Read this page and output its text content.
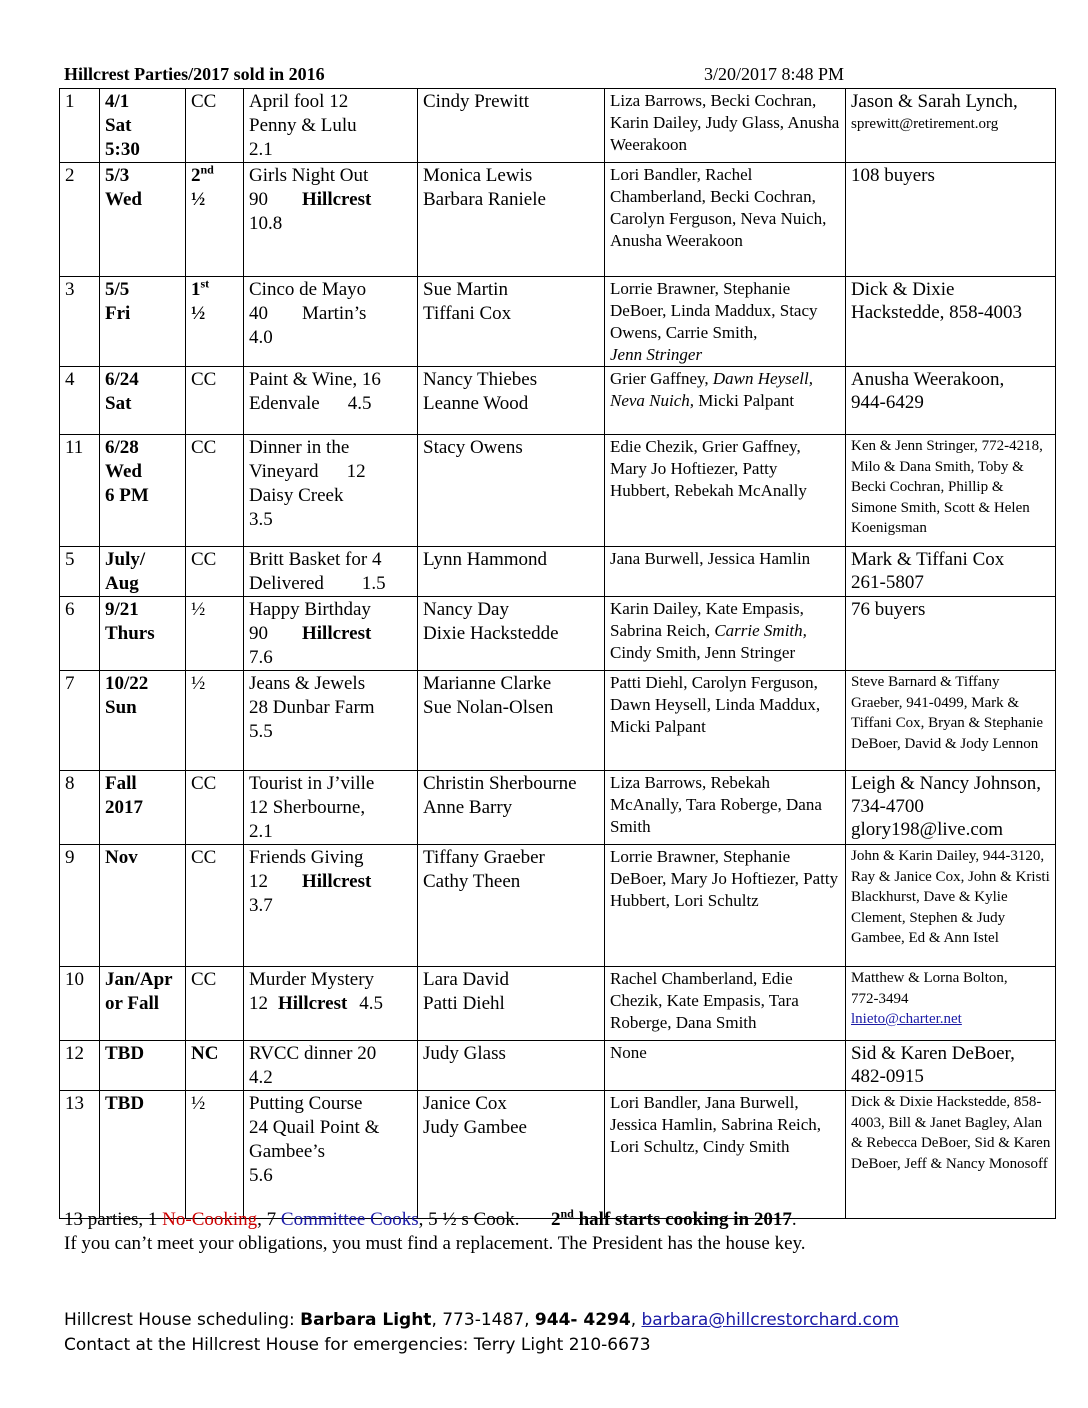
Hillcrest Parties/2017 sold in 2016	3/20/2017 8:48 PM
1	4/1
Sat
5:30	CC	April fool 12
Penny & Lulu
2.1	Cindy Prewitt	Liza Barrows, Becki Cochran, Karin Dailey, Judy Glass, Anusha Weerakoon	Jason & Sarah Lynch,
sprewitt@retirement.org

2	5/3
Wed	2nd
½	Girls Night Out
90 Hillcrest
10.8	Monica Lewis
Barbara Raniele	Lori Bandler, Rachel Chamberland, Becki Cochran, Carolyn Ferguson, Neva Nuich, Anusha Weerakoon	108 buyers

3	5/5
Fri	1st
½	Cinco de Mayo
40 Martin’s
4.0	Sue Martin
Tiffani Cox	Lorrie Brawner, Stephanie DeBoer, Linda Maddux, Stacy Owens, Carrie Smith,
Jenn Stringer	Dick & Dixie
Hackstedde, 858-4003

4	6/24
Sat	CC	Paint & Wine, 16
Edenvale 4.5	Nancy Thiebes
Leanne Wood	Grier Gaffney, Dawn Heysell, Neva Nuich, Micki Palpant	Anusha Weerakoon,
944-6429

11	6/28
Wed
6 PM	CC	Dinner in the
Vineyard 12
Daisy Creek
3.5	Stacy Owens	Edie Chezik, Grier Gaffney, Mary Jo Hoftiezer, Patty Hubbert, Rebekah McAnally	Ken & Jenn Stringer, 772-4218, Milo & Dana Smith, Toby & Becki Cochran, Phillip & Simone Smith, Scott & Helen Koenigsman
5	July/
Aug	CC	Britt Basket for 4
Delivered 1.5	Lynn Hammond	Jana Burwell, Jessica Hamlin	Mark & Tiffani Cox
261-5807

6	9/21
Thurs	½	Happy Birthday
90 Hillcrest
7.6	Nancy Day
Dixie Hackstedde	Karin Dailey, Kate Empasis, Sabrina Reich, Carrie Smith, Cindy Smith, Jenn Stringer	76 buyers

7	10/22
Sun	½	Jeans & Jewels
28 Dunbar Farm
5.5	Marianne Clarke
Sue Nolan-Olsen	Patti Diehl, Carolyn Ferguson, Dawn Heysell, Linda Maddux, Micki Palpant	Steve Barnard & Tiffany Graeber, 941-0499, Mark & Tiffani Cox, Bryan & Stephanie DeBoer, David & Jody Lennon
8	Fall
2017	CC	Tourist in J’ville
12 Sherbourne,
2.1	Christin Sherbourne
Anne Barry	Liza Barrows, Rebekah McAnally, Tara Roberge, Dana Smith	Leigh & Nancy Johnson,
734-4700
glory198@live.com

9	Nov	CC	Friends Giving
12 Hillcrest
3.7	Tiffany Graeber
Cathy Theen	Lorrie Brawner, Stephanie DeBoer, Mary Jo Hoftiezer, Patty Hubbert, Lori Schultz	John & Karin Dailey, 944-3120, Ray & Janice Cox, John & Kristi Blackhurst, Dave & Kylie Clement, Stephen & Judy Gambee, Ed & Ann Istel
10	Jan/Apr
or Fall	CC	Murder Mystery
12 Hillcrest 4.5	Lara David
Patti Diehl	Rachel Chamberland, Edie Chezik, Kate Empasis, Tara Roberge, Dana Smith	Matthew & Lorna Bolton,
772-3494
lnieto@charter.net

12	TBD	NC	RVCC dinner 20
4.2	Judy Glass	None	Sid & Karen DeBoer,
482-0915

13	TBD	½	Putting Course
24 Quail Point &
Gambee’s
5.6	Janice Cox
Judy Gambee	Lori Bandler, Jana Burwell, Jessica Hamlin, Sabrina Reich, Lori Schultz, Cindy Smith	Dick & Dixie Hackstedde, 858-4003, Bill & Janet Bagley, Alan & Rebecca DeBoer, Sid & Karen DeBoer, Jeff & Nancy Monosoff
13 parties, 1 No-Cooking, 7 Committee Cooks, 5 ½ s Cook. 2nd half starts cooking in 2017.
If you can’t meet your obligations, you must find a replacement. The President has the house key.
Hillcrest House scheduling: Barbara Light, 773-1487, 944- 4294, barbara@hillcrestorchard.com
Contact at the Hillcrest House for emergencies: Terry Light 210-6673
